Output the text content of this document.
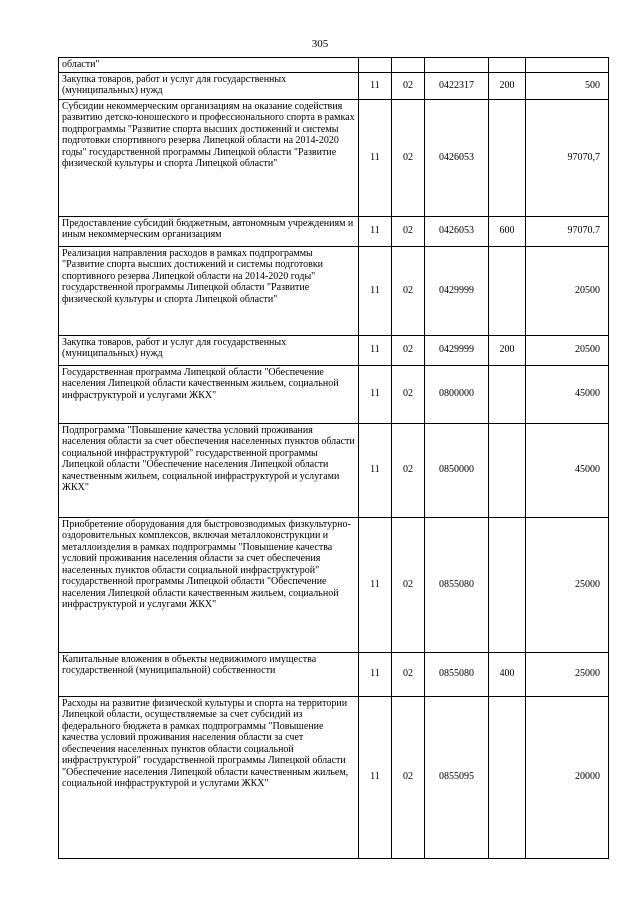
305
области"					
Закупка товаров, работ и услуг для государственных (муниципальных) нужд	11	02	0422317	200	500
Субсидии некоммерческим организациям на оказание содействия развитию детско-юношеского и профессионального спорта в рамках подпрограммы "Развитие спорта высших достижений и системы подготовки спортивного резерва Липецкой области на 2014-2020 годы" государственной программы Липецкой области "Развитие физической культуры и спорта Липецкой области"	11	02	0426053		97070,7
Предоставление субсидий бюджетным, автономным учреждениям и иным некоммерческим организациям	11	02	0426053	600	97070.7
Реализация направления расходов в рамках подпрограммы "Развитие спорта высших достижений и системы подготовки спортивного резерва Липецкой области на 2014-2020 годы" государственной программы Липецкой области "Развитие физической культуры и спорта Липецкой области"	11	02	0429999		20500
Закупка товаров, работ и услуг для государственных (муниципальных) нужд	11	02	0429999	200	20500
Государственная программа Липецкой области "Обеспечение населения Липецкой области качественным жильем, социальной инфраструктурой и услугами ЖКХ"	11	02	0800000		45000
Подпрограмма "Повышение качества условий проживания населения области за счет обеспечения населенных пунктов области социальной инфраструктурой" государственной программы Липецкой области "Обеспечение населения Липецкой области качественным жильем, социальной инфраструктурой и услугами ЖКХ"	11	02	0850000		45000
Приобретение оборудования для быстровозводимых физкультурно-оздоровительных комплексов, включая металлоконструкции и металлоизделия в рамках подпрограммы "Повышение качества условий проживания населения области за счет обеспечения населенных пунктов области социальной инфраструктурой" государственной программы Липецкой области "Обеспечение населения Липецкой области качественным жильем, социальной инфраструктурой и услугами ЖКХ"	11	02	0855080		25000
Капитальные вложения в объекты недвижимого имущества государственной (муниципальной) собственности	11	02	0855080	400	25000
Расходы на развитие физической культуры и спорта на территории Липецкой области, осуществляемые за счет субсидий из федерального бюджета в рамках подпрограммы "Повышение качества условий проживания населения области за счет обеспечения населенных пунктов области социальной инфраструктурой" государственной программы Липецкой области "Обеспечение населения Липецкой области качественным жильем, социальной инфраструктурой и услугами ЖКХ"	11	02	0855095		20000
